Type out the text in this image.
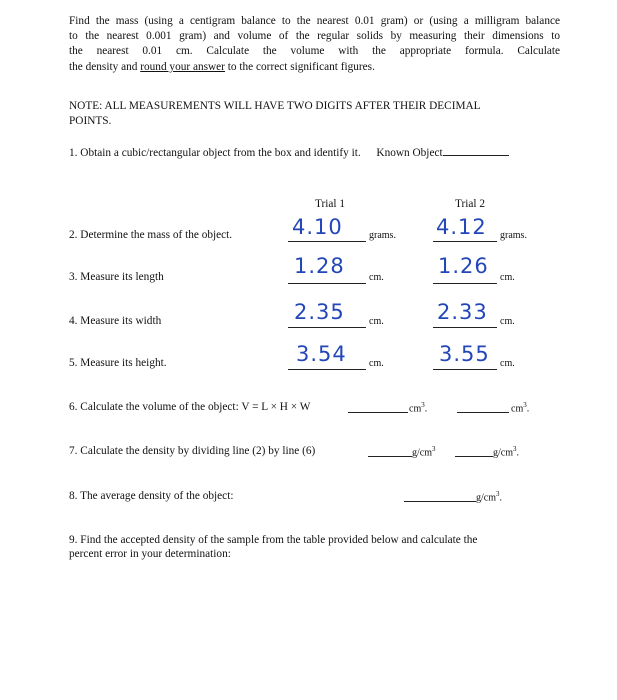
Find the mass (using a centigram balance to the nearest 0.01 gram) or (using a milligram balance
to the nearest 0.001 gram) and volume of the regular solids by measuring their dimensions to
the nearest 0.01 cm. Calculate the volume with the appropriate formula. Calculate
the density and round your answer to the correct significant figures.
NOTE: ALL MEASUREMENTS WILL HAVE TWO DIGITS AFTER THEIR DECIMAL
POINTS.
1. Obtain a cubic/rectangular object from the box and identify it. Known Object
Trial 1	Trial 2
2. Determine the mass of the object.	4.10	grams. 4.12 grams.
3. Measure its length	1.28 cm.	1.26 cm.
4. Measure its width	2.35 cm.	2.33 cm.
5. Measure its height.	3.54 cm.	3.55 cm.
6. Calculate the volume of the object: V = L × H × W	$cm^3$.	$cm^3$.
7. Calculate the density by dividing line (2) by line (6)	$g/cm^3$	$g/cm^3$.
8. The average density of the object:	$g/cm^3$.
9. Find the accepted density of the sample from the table provided below and calculate the
percent error in your determination:
